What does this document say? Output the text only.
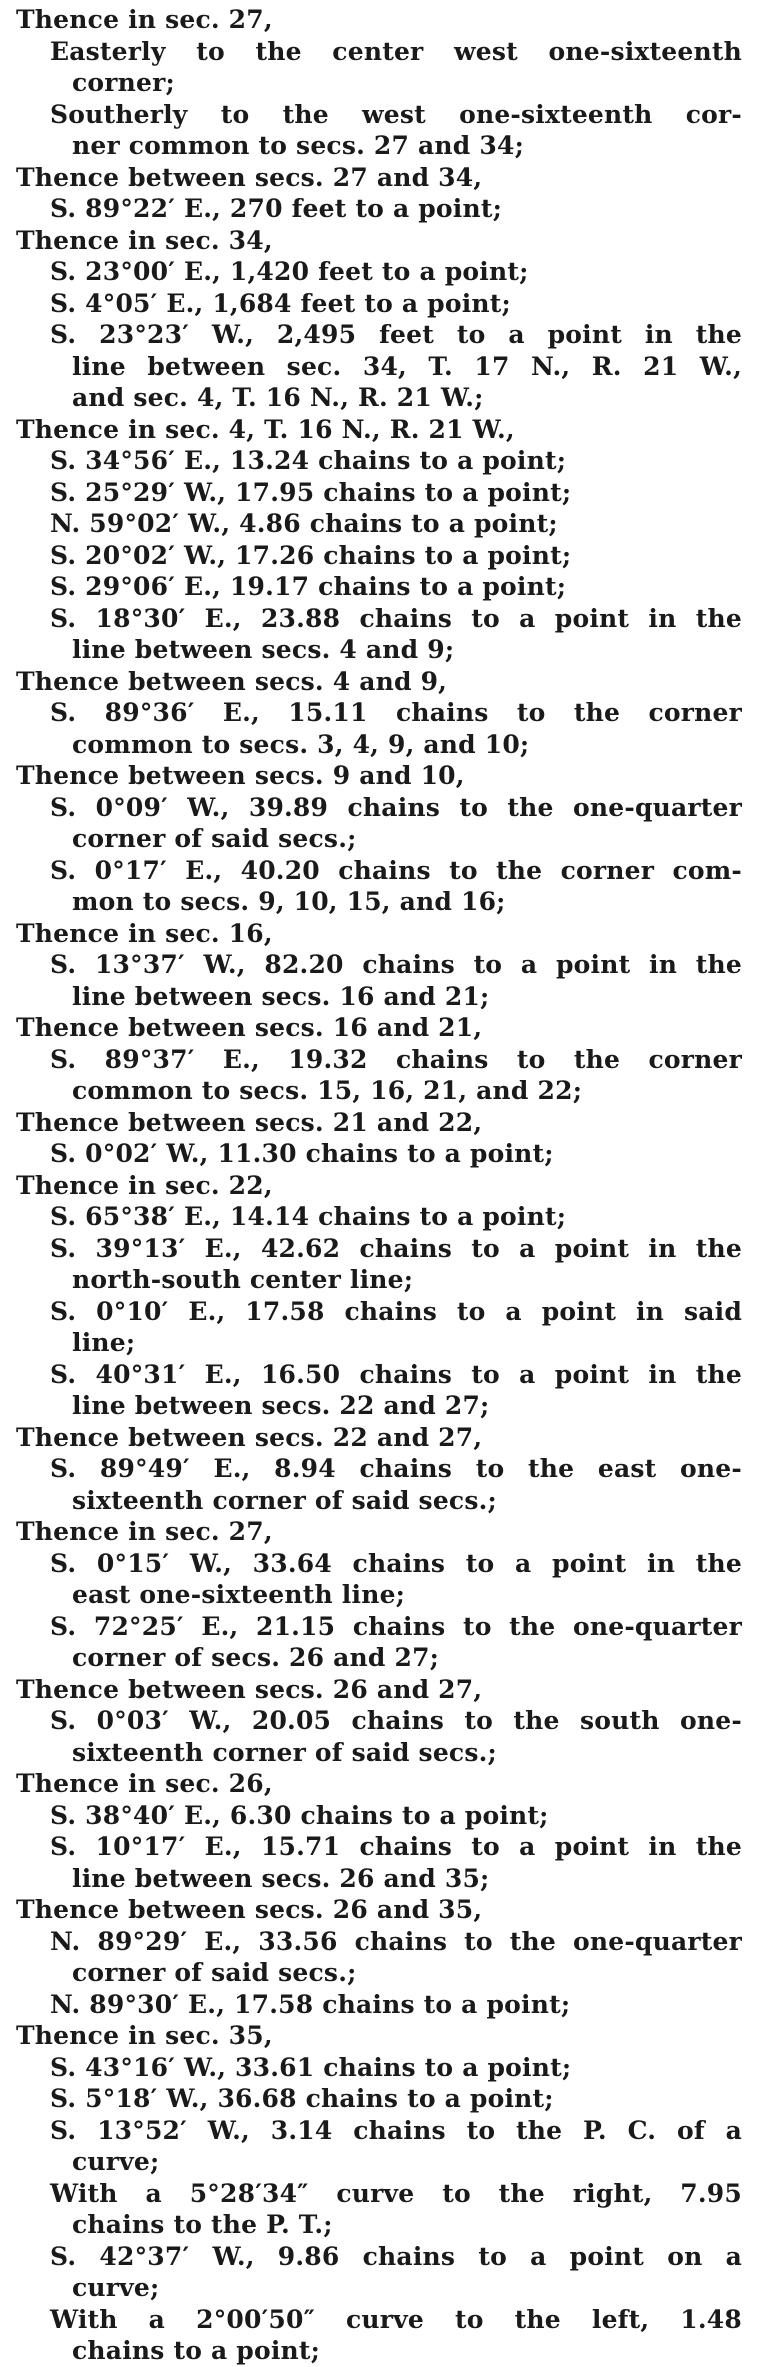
Thence in sec. 27,
Easterly to the center west one-sixteenth
corner;
Southerly to the west one-sixteenth cor-
ner common to secs. 27 and 34;
Thence between secs. 27 and 34,
S. 89°22′ E., 270 feet to a point;
Thence in sec. 34,
S. 23°00′ E., 1,420 feet to a point;
S. 4°05′ E., 1,684 feet to a point;
S. 23°23′ W., 2,495 feet to a point in the
line between sec. 34, T. 17 N., R. 21 W.,
and sec. 4, T. 16 N., R. 21 W.;
Thence in sec. 4, T. 16 N., R. 21 W.,
S. 34°56′ E., 13.24 chains to a point;
S. 25°29′ W., 17.95 chains to a point;
N. 59°02′ W., 4.86 chains to a point;
S. 20°02′ W., 17.26 chains to a point;
S. 29°06′ E., 19.17 chains to a point;
S. 18°30′ E., 23.88 chains to a point in the
line between secs. 4 and 9;
Thence between secs. 4 and 9,
S. 89°36′ E., 15.11 chains to the corner
common to secs. 3, 4, 9, and 10;
Thence between secs. 9 and 10,
S. 0°09′ W., 39.89 chains to the one-quarter
corner of said secs.;
S. 0°17′ E., 40.20 chains to the corner com-
mon to secs. 9, 10, 15, and 16;
Thence in sec. 16,
S. 13°37′ W., 82.20 chains to a point in the
line between secs. 16 and 21;
Thence between secs. 16 and 21,
S. 89°37′ E., 19.32 chains to the corner
common to secs. 15, 16, 21, and 22;
Thence between secs. 21 and 22,
S. 0°02′ W., 11.30 chains to a point;
Thence in sec. 22,
S. 65°38′ E., 14.14 chains to a point;
S. 39°13′ E., 42.62 chains to a point in the
north-south center line;
S. 0°10′ E., 17.58 chains to a point in said
line;
S. 40°31′ E., 16.50 chains to a point in the
line between secs. 22 and 27;
Thence between secs. 22 and 27,
S. 89°49′ E., 8.94 chains to the east one-
sixteenth corner of said secs.;
Thence in sec. 27,
S. 0°15′ W., 33.64 chains to a point in the
east one-sixteenth line;
S. 72°25′ E., 21.15 chains to the one-quarter
corner of secs. 26 and 27;
Thence between secs. 26 and 27,
S. 0°03′ W., 20.05 chains to the south one-
sixteenth corner of said secs.;
Thence in sec. 26,
S. 38°40′ E., 6.30 chains to a point;
S. 10°17′ E., 15.71 chains to a point in the
line between secs. 26 and 35;
Thence between secs. 26 and 35,
N. 89°29′ E., 33.56 chains to the one-quarter
corner of said secs.;
N. 89°30′ E., 17.58 chains to a point;
Thence in sec. 35,
S. 43°16′ W., 33.61 chains to a point;
S. 5°18′ W., 36.68 chains to a point;
S. 13°52′ W., 3.14 chains to the P. C. of a
curve;
With a 5°28′34″ curve to the right, 7.95
chains to the P. T.;
S. 42°37′ W., 9.86 chains to a point on a
curve;
With a 2°00′50″ curve to the left, 1.48
chains to a point;
